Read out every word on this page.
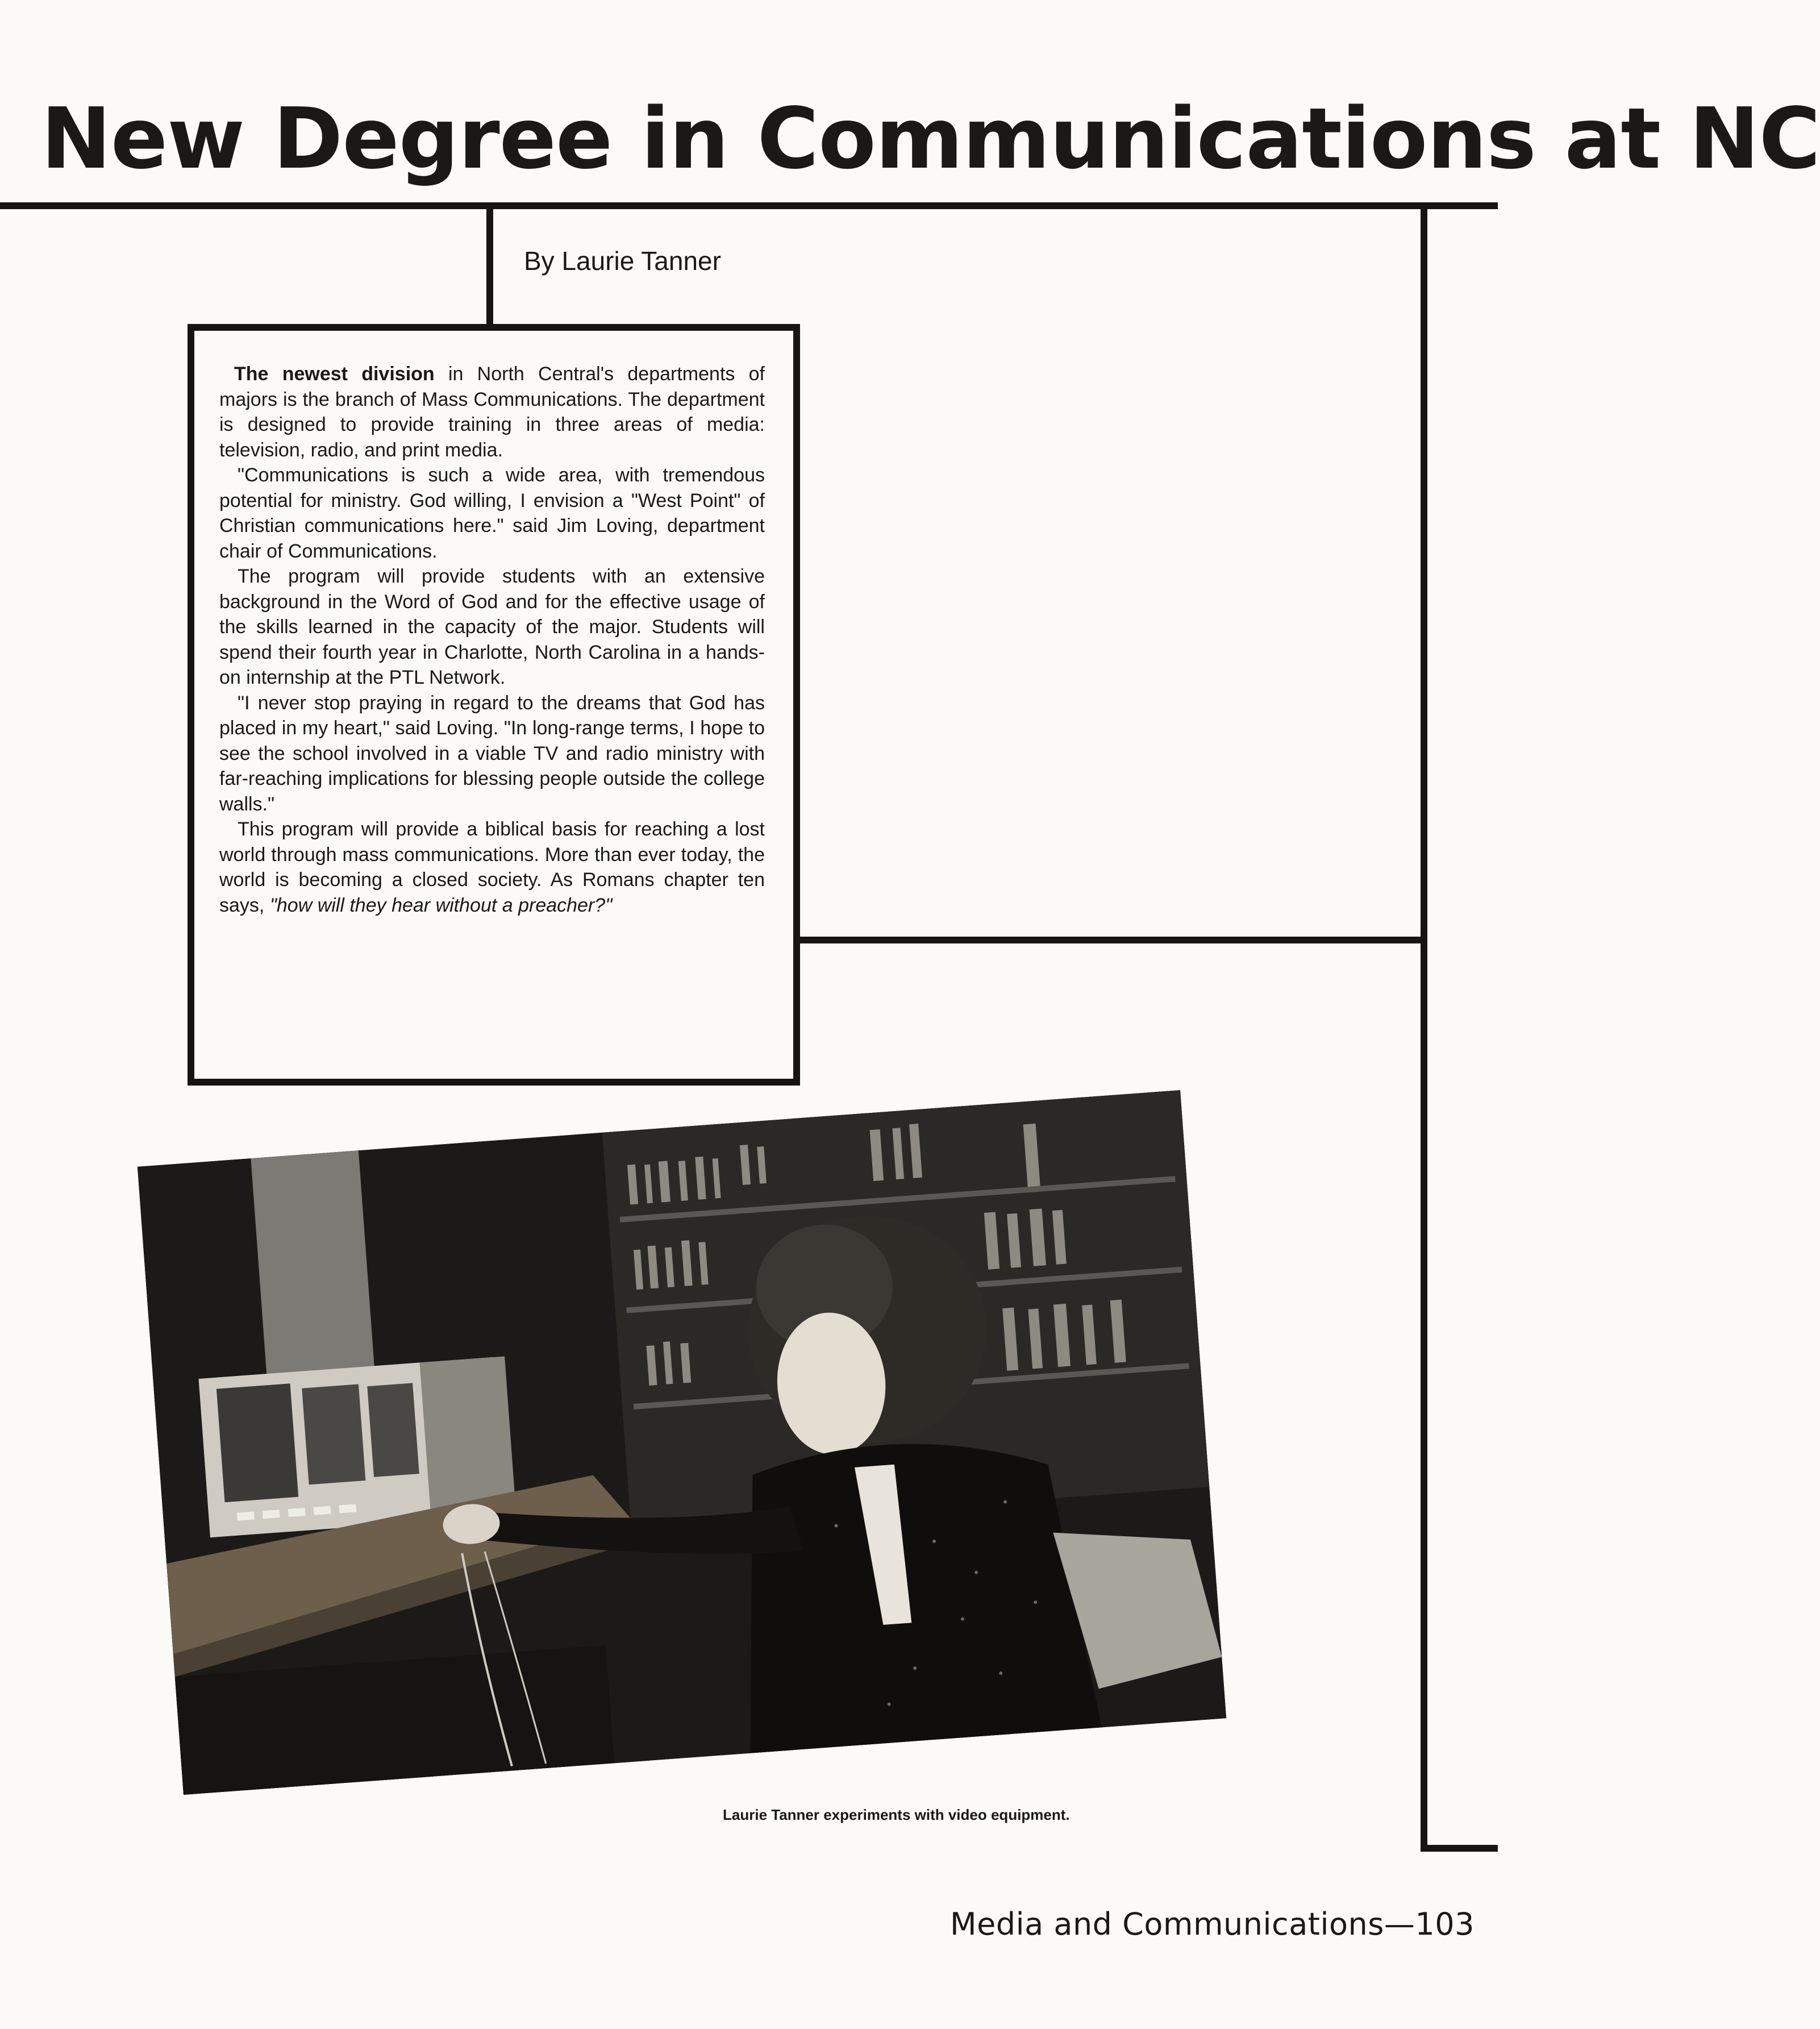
New Degree in Communications at NC

By Laurie Tanner

The newest division in North Central's departments of majors is the branch of Mass Communications. The department is designed to provide training in three areas of media: television, radio, and print media.

"Communications is such a wide area, with tremendous potential for ministry. God willing, I envision a "West Point" of Christian communications here." said Jim Loving, department chair of Communications.

The program will provide students with an extensive background in the Word of God and for the effective usage of the skills learned in the capacity of the major. Students will spend their fourth year in Charlotte, North Carolina in a hands-on internship at the PTL Network.

"I never stop praying in regard to the dreams that God has placed in my heart," said Loving. "In long-range terms, I hope to see the school involved in a viable TV and radio ministry with far-reaching implications for blessing people outside the college walls."

This program will provide a biblical basis for reaching a lost world through mass communications. More than ever today, the world is becoming a closed society. As Romans chapter ten says, "how will they hear without a preacher?"

Laurie Tanner experiments with video equipment.

Media and Communications—103
